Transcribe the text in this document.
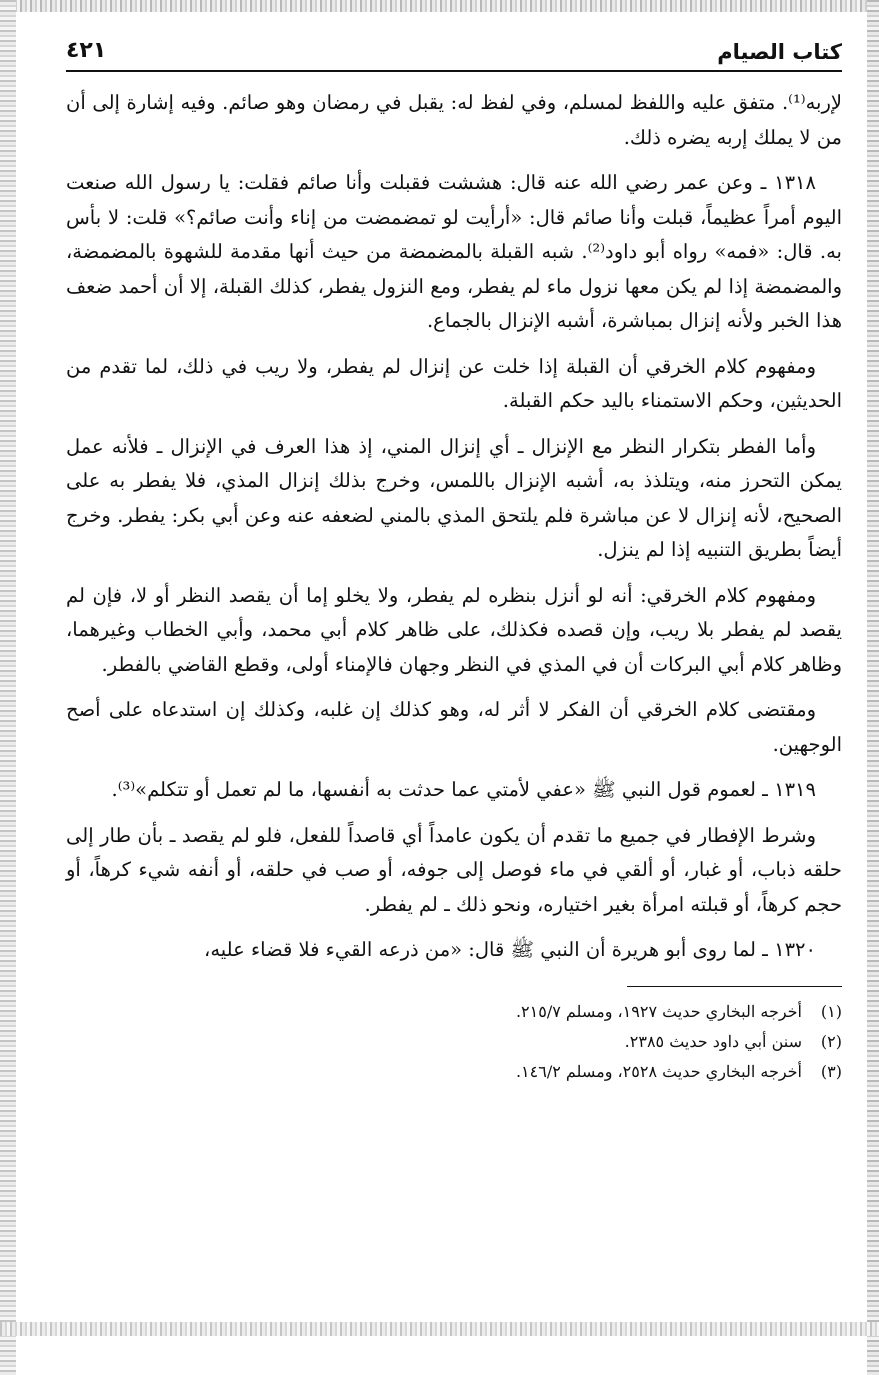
كتاب الصيام
٤٢١

لإربه⁽¹⁾. متفق عليه واللفظ لمسلم، وفي لفظ له: يقبل في رمضان وهو صائم. وفيه إشارة إلى أن من لا يملك إربه يضره ذلك.

١٣١٨ ـ وعن عمر رضي الله عنه قال: هششت فقبلت وأنا صائم فقلت: يا رسول الله صنعت اليوم أمراً عظيماً، قبلت وأنا صائم قال: «أرأيت لو تمضمضت من إناء وأنت صائم؟» قلت: لا بأس به. قال: «فمه» رواه أبو داود⁽²⁾. شبه القبلة بالمضمضة من حيث أنها مقدمة للشهوة بالمضمضة، والمضمضة إذا لم يكن معها نزول ماء لم يفطر، ومع النزول يفطر، كذلك القبلة، إلا أن أحمد ضعف هذا الخبر ولأنه إنزال بمباشرة، أشبه الإنزال بالجماع.

ومفهوم كلام الخرقي أن القبلة إذا خلت عن إنزال لم يفطر، ولا ريب في ذلك، لما تقدم من الحديثين، وحكم الاستمناء باليد حكم القبلة.

وأما الفطر بتكرار النظر مع الإنزال ـ أي إنزال المني، إذ هذا العرف في الإنزال ـ فلأنه عمل يمكن التحرز منه، ويتلذذ به، أشبه الإنزال باللمس، وخرج بذلك إنزال المذي، فلا يفطر به على الصحيح، لأنه إنزال لا عن مباشرة فلم يلتحق المذي بالمني لضعفه عنه وعن أبي بكر: يفطر. وخرج أيضاً بطريق التنبيه إذا لم ينزل.

ومفهوم كلام الخرقي: أنه لو أنزل بنظره لم يفطر، ولا يخلو إما أن يقصد النظر أو لا، فإن لم يقصد لم يفطر بلا ريب، وإن قصده فكذلك، على ظاهر كلام أبي محمد، وأبي الخطاب وغيرهما، وظاهر كلام أبي البركات أن في المذي في النظر وجهان فالإمناء أولى، وقطع القاضي بالفطر.

ومقتضى كلام الخرقي أن الفكر لا أثر له، وهو كذلك إن غلبه، وكذلك إن استدعاه على أصح الوجهين.

١٣١٩ ـ لعموم قول النبي ﷺ «عفي لأمتي عما حدثت به أنفسها، ما لم تعمل أو تتكلم»⁽³⁾.

وشرط الإفطار في جميع ما تقدم أن يكون عامداً أي قاصداً للفعل، فلو لم يقصد ـ بأن طار إلى حلقه ذباب، أو غبار، أو ألقي في ماء فوصل إلى جوفه، أو صب في حلقه، أو أنفه شيء كرهاً، أو حجم كرهاً، أو قبلته امرأة بغير اختياره، ونحو ذلك ـ لم يفطر.

١٣٢٠ ـ لما روى أبو هريرة أن النبي ﷺ قال: «من ذرعه القيء فلا قضاء عليه،

(١)
أخرجه البخاري حديث ١٩٢٧، ومسلم ٢١٥/٧.

(٢)
سنن أبي داود حديث ٢٣٨٥.

(٣)
أخرجه البخاري حديث ٢٥٢٨، ومسلم ١٤٦/٢.
